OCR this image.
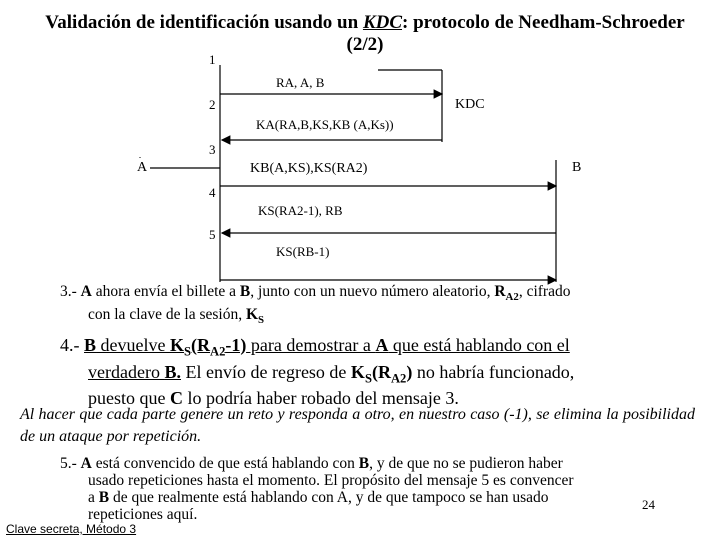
Validación de identificación usando un KDC: protocolo de Needham-Schroeder (2/2)
1
2
3
4
5
A	B
KDC
RA, A, B
KA(RA,B,KS,KB (A,Ks))
KB(A,KS),KS(RA2)
KS(RA2-1), RB
KS(RB-1)
3.- A ahora envía el billete a B, junto con un nuevo número aleatorio, $R_{A2}$, cifrado
con la clave de la sesión, $K_S$
4.- B devuelve $K_S(R_{A2}-1)$ para demostrar a A que está hablando con el
verdadero B. El envío de regreso de $K_S(R_{A2})$ no habría funcionado,
puesto que C lo podría haber robado del mensaje 3.
Al hacer que cada parte genere un reto y responda a otro, en nuestro caso (-1), se elimina la posibilidad de un ataque por repetición.
5.- A está convencido de que está hablando con B, y de que no se pudieron haber
usado repeticiones hasta el momento. El propósito del mensaje 5 es convencer
a B de que realmente está hablando con A, y de que tampoco se han usado
repeticiones aquí.
Clave secreta, Método 3
24
